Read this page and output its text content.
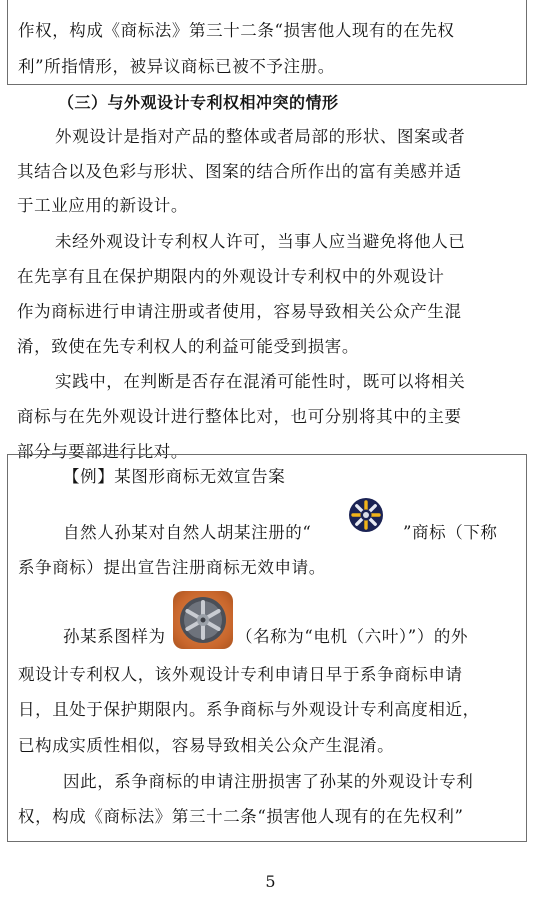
作权，构成《商标法》第三十二条“损害他人现有的在先权
利”所指情形，被异议商标已被不予注册。
（三）与外观设计专利权相冲突的情形
外观设计是指对产品的整体或者局部的形状、图案或者
其结合以及色彩与形状、图案的结合所作出的富有美感并适
于工业应用的新设计。
未经外观设计专利权人许可，当事人应当避免将他人已
在先享有且在保护期限内的外观设计专利权中的外观设计
作为商标进行申请注册或者使用，容易导致相关公众产生混
淆，致使在先专利权人的利益可能受到损害。
实践中，在判断是否存在混淆可能性时，既可以将相关
商标与在先外观设计进行整体比对，也可分别将其中的主要
部分与要部进行比对。
【例】某图形商标无效宣告案
自然人孙某对自然人胡某注册的“	”商标（下称
系争商标）提出宣告注册商标无效申请。
孙某系图样为	（名称为“电机（六叶）”）的外
观设计专利权人，该外观设计专利申请日早于系争商标申请
日，且处于保护期限内。系争商标与外观设计专利高度相近，
已构成实质性相似，容易导致相关公众产生混淆。
因此，系争商标的申请注册损害了孙某的外观设计专利
权，构成《商标法》第三十二条“损害他人现有的在先权利”
5
